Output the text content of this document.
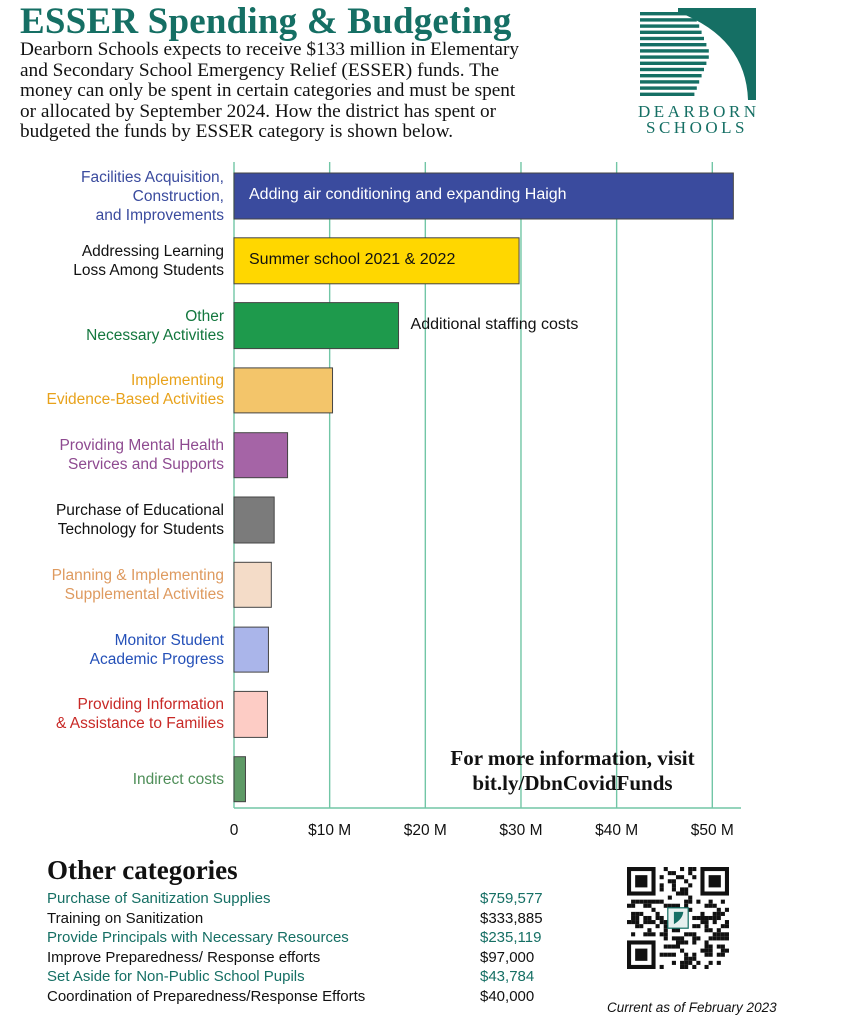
ESSER Spending & Budgeting
Dearborn Schools expects to receive $133 million in Elementary
and Secondary School Emergency Relief (ESSER) funds. The
money can only be spent in certain categories and must be spent
or allocated by September 2024. How the district has spent or
budgeted the funds by ESSER category is shown below.
DEARBORN
SCHOOLS
Facilities Acquisition,
Construction,
and Improvements
Adding air conditioning and expanding Haigh
Addressing Learning
Loss Among Students
Summer school 2021 & 2022
Other
Necessary Activities
Additional staffing costs
Implementing
Evidence-Based Activities
Providing Mental Health
Services and Supports
Purchase of Educational
Technology for Students
Planning & Implementing
Supplemental Activities
Monitor Student
Academic Progress
Providing Information
& Assistance to Families
Indirect costs
0	$10 M	$20 M	$30 M	$40 M	$50 M
For more information, visit
bit.ly/DbnCovidFunds
Other categories
Purchase of Sanitization Supplies	$759,577
Training on Sanitization	$333,885
Provide Principals with Necessary Resources	$235,119
Improve Preparedness/ Response efforts	$97,000
Set Aside for Non-Public School Pupils	$43,784
Coordination of Preparedness/Response Efforts	$40,000
Current as of February 2023
